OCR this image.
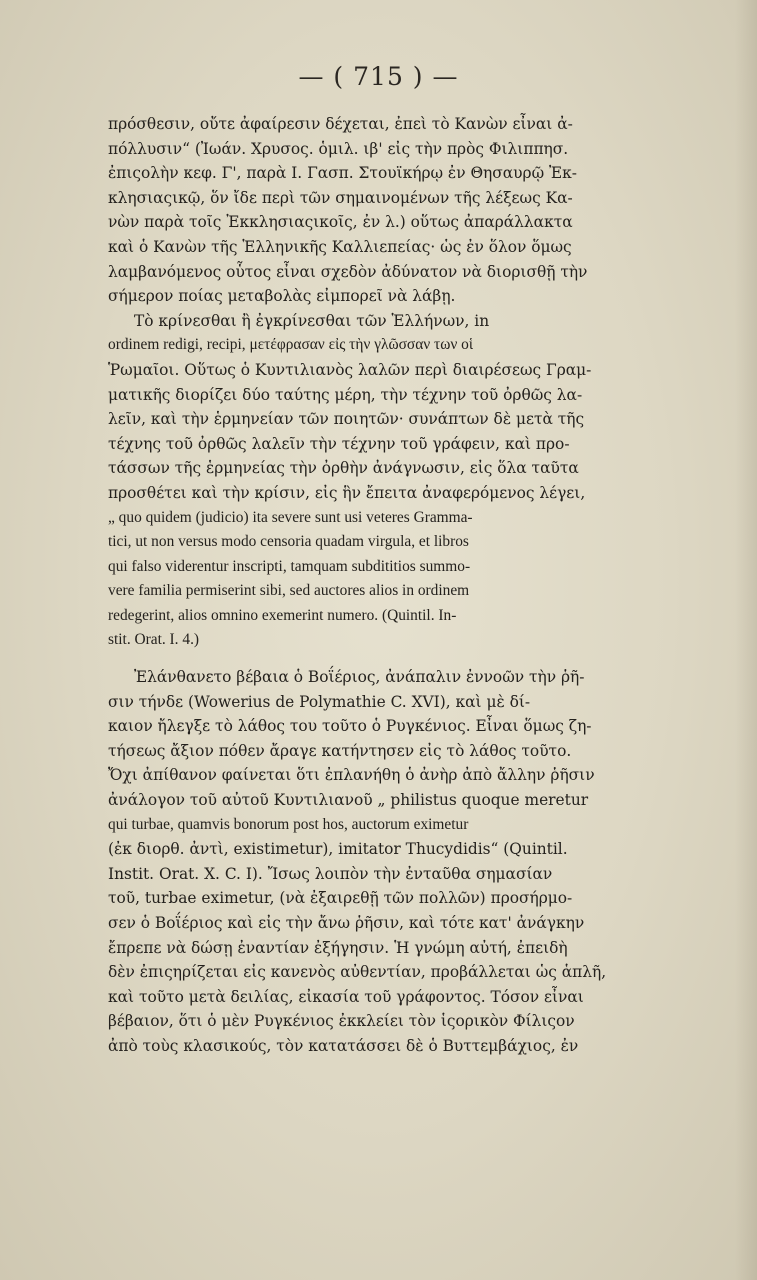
— ( 715 ) —
πρόσθεσιν, οὔτε ἀφαίρεσιν δέχεται, ἐπεὶ τὸ Κανὼν εἶναι ἀ-
πόλλυσιν“ (Ἰωάν. Χρυσος. ὁμιλ. ιβ' εἰς τὴν πρὸς Φιλιππησ.
ἐπιςολὴν κεφ. Γ', παρὰ Ι. Γασπ. Στουϊκήρῳ ἐν Θησαυρῷ Ἐκ-
κλησιαςικῷ, ὅν ἴδε περὶ τῶν σημαινομένων τῆς λέξεως Κα-
νὼν παρὰ τοῖς Ἐκκλησιαςικοῖς, ἐν λ.) οὕτως ἀπαράλλακτα
καὶ ὁ Κανὼν τῆς Ἑλληνικῆς Καλλιεπείας· ὡς ἐν ὅλον ὅμως
λαμβανόμενος οὗτος εἶναι σχεδὸν ἀδύνατον νὰ διορισθῇ τὴν
σήμερον ποίας μεταβολὰς εἰμπορεῖ νὰ λάβῃ.
Τὸ κρίνεσθαι ἢ ἐγκρίνεσθαι τῶν Ἑλλήνων, in
ordinem redigi, recipi, μετέφρασαν εἰς τὴν γλῶσσαν των οἱ
Ῥωμαῖοι. Οὕτως ὁ Κυντιλιανὸς λαλῶν περὶ διαιρέσεως Γραμ-
ματικῆς διορίζει δύο ταύτης μέρη, τὴν τέχνην τοῦ ὀρθῶς λα-
λεῖν, καὶ τὴν ἑρμηνείαν τῶν ποιητῶν· συνάπτων δὲ μετὰ τῆς
τέχνης τοῦ ὀρθῶς λαλεῖν τὴν τέχνην τοῦ γράφειν, καὶ προ-
τάσσων τῆς ἑρμηνείας τὴν ὀρθὴν ἀνάγνωσιν, εἰς ὅλα ταῦτα
προσθέτει καὶ τὴν κρίσιν, εἰς ἣν ἔπειτα ἀναφερόμενος λέγει,
„ quo quidem (judicio) ita severe sunt usi veteres Gramma-
tici, ut non versus modo censoria quadam virgula, et libros
qui falso viderentur inscripti, tamquam subdititios summo-
vere familia permiserint sibi, sed auctores alios in ordinem
redegerint, alios omnino exemerint numero. (Quintil. In-
stit. Orat. I. 4.)
Ἐλάνθανετο βέβαια ὁ Βοΐέριος, ἀνάπαλιν ἐννοῶν τὴν ῥῆ-
σιν τήνδε (Wowerius de Polymathie C. XVI), καὶ μὲ δί-
καιον ἤλεγξε τὸ λάθος του τοῦτο ὁ Ρυγκένιος. Εἶναι ὅμως ζη-
τήσεως ἄξιον πόθεν ἄραγε κατήντησεν εἰς τὸ λάθος τοῦτο.
Ὄχι ἀπίθανον φαίνεται ὅτι ἐπλανήθη ὁ ἀνὴρ ἀπὸ ἄλλην ῥῆσιν
ἀνάλογον τοῦ αὐτοῦ Κυντιλιανοῦ „ philistus quoque meretur
qui turbae, quamvis bonorum post hos, auctorum eximetur
(ἐκ διορθ. ἀντὶ, existimetur), imitator Thucydidis“ (Quintil.
Instit. Orat. X. C. I). Ἴσως λοιπὸν τὴν ἐνταῦθα σημασίαν
τοῦ, turbae eximetur, (νὰ ἐξαιρεθῇ τῶν πολλῶν) προσήρμο-
σεν ὁ Βοΐέριος καὶ εἰς τὴν ἄνω ῥῆσιν, καὶ τότε κατ' ἀνάγκην
ἔπρεπε νὰ δώσῃ ἐναντίαν ἐξήγησιν. Ἡ γνώμη αὐτή, ἐπειδὴ
δὲν ἐπιςηρίζεται εἰς κανενὸς αὐθεντίαν, προβάλλεται ὡς ἁπλῆ,
καὶ τοῦτο μετὰ δειλίας, εἰκασία τοῦ γράφοντος. Τόσον εἶναι
βέβαιον, ὅτι ὁ μὲν Ρυγκένιος ἐκκλείει τὸν ἱςορικὸν Φίλιςον
ἀπὸ τοὺς κλασικούς, τὸν κατατάσσει δὲ ὁ Βυττεμβάχιος, ἐν
